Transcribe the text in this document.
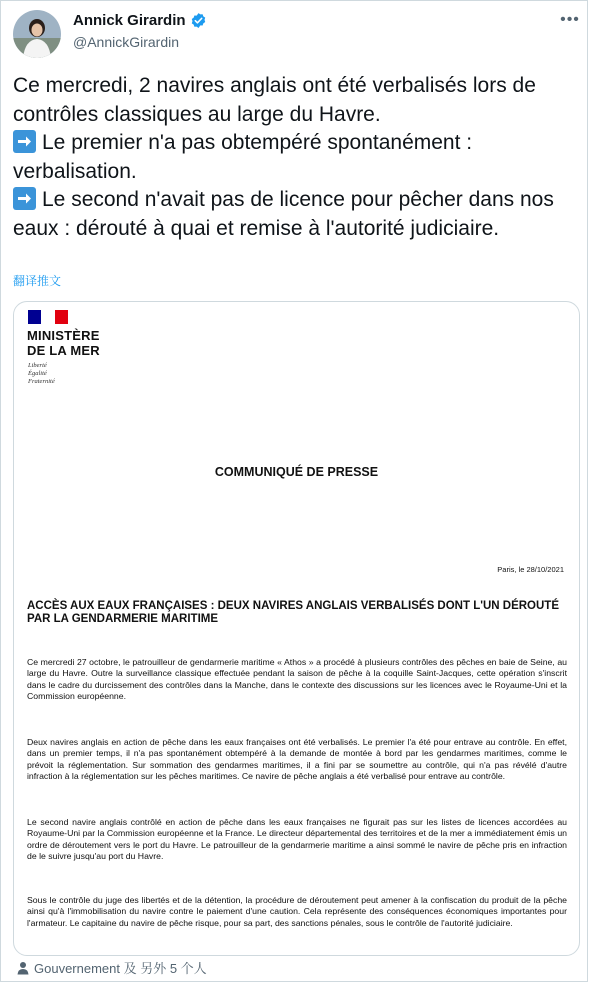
Annick Girardin
@AnnickGirardin
•••

Ce mercredi, 2 navires anglais ont été verbalisés lors de contrôles classiques au large du Havre.

Le premier n'a pas obtempéré spontanément : verbalisation.

Le second n'avait pas de licence pour pêcher dans nos eaux : dérouté à quai et remise à l'autorité judiciaire.

翻译推文
MINISTÈRE
DE LA MER
Liberté
Égalité
Fraternité
COMMUNIQUÉ DE PRESSE
Paris, le 28/10/2021
ACCÈS AUX EAUX FRANÇAISES : DEUX NAVIRES ANGLAIS VERBALISÉS DONT L'UN DÉROUTÉ PAR LA GENDARMERIE MARITIME
Ce mercredi 27 octobre, le patrouilleur de gendarmerie maritime « Athos » a procédé à plusieurs contrôles des pêches en baie de Seine, au large du Havre. Outre la surveillance classique effectuée pendant la saison de pêche à la coquille Saint-Jacques, cette opération s'inscrit dans le cadre du durcissement des contrôles dans la Manche, dans le contexte des discussions sur les licences avec le Royaume-Uni et la Commission européenne.
Deux navires anglais en action de pêche dans les eaux françaises ont été verbalisés. Le premier l'a été pour entrave au contrôle. En effet, dans un premier temps, il n'a pas spontanément obtempéré à la demande de montée à bord par les gendarmes maritimes, comme le prévoit la réglementation. Sur sommation des gendarmes maritimes, il a fini par se soumettre au contrôle, qui n'a pas révélé d'autre infraction à la réglementation sur les pêches maritimes. Ce navire de pêche anglais a été verbalisé pour entrave au contrôle.
Le second navire anglais contrôlé en action de pêche dans les eaux françaises ne figurait pas sur les listes de licences accordées au Royaume-Uni par la Commission européenne et la France. Le directeur départemental des territoires et de la mer a immédiatement émis un ordre de déroutement vers le port du Havre. Le patrouilleur de la gendarmerie maritime a ainsi sommé le navire de pêche pris en infraction de le suivre jusqu'au port du Havre.
Sous le contrôle du juge des libertés et de la détention, la procédure de déroutement peut amener à la confiscation du produit de la pêche ainsi qu'à l'immobilisation du navire contre le paiement d'une caution. Cela représente des conséquences économiques importantes pour l'armateur. Le capitaine du navire de pêche risque, pour sa part, des sanctions pénales, sous le contrôle de l'autorité judiciaire.
Gouvernement 及 另外 5 个人
